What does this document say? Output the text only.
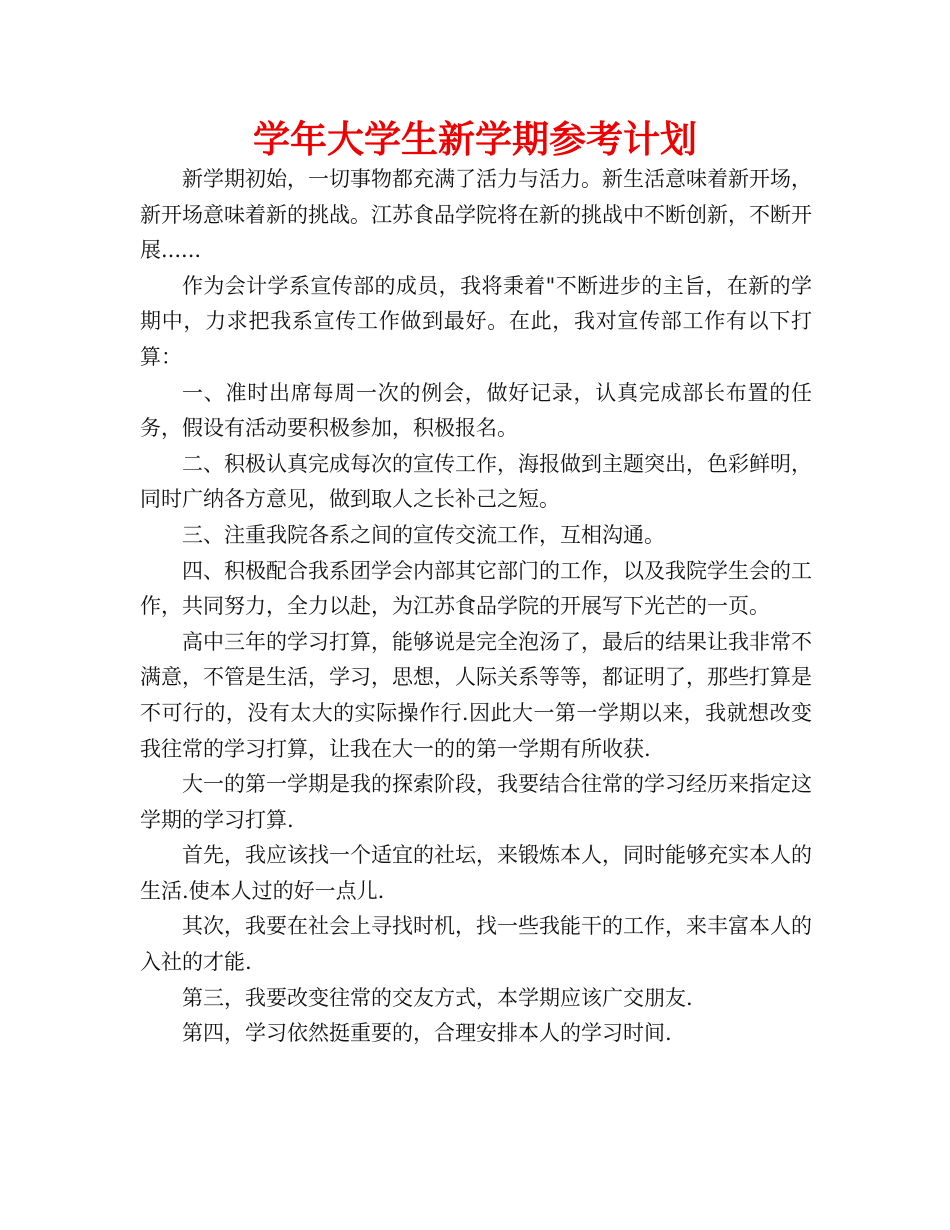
学年大学生新学期参考计划

新学期初始，一切事物都充满了活力与活力。新生活意味着新开场，新开场意味着新的挑战。江苏食品学院将在新的挑战中不断创新，不断开展......

作为会计学系宣传部的成员，我将秉着"不断进步的主旨，在新的学期中，力求把我系宣传工作做到最好。在此，我对宣传部工作有以下打算：

一、准时出席每周一次的例会，做好记录，认真完成部长布置的任务，假设有活动要积极参加，积极报名。

二、积极认真完成每次的宣传工作，海报做到主题突出，色彩鲜明，同时广纳各方意见，做到取人之长补己之短。

三、注重我院各系之间的宣传交流工作，互相沟通。

四、积极配合我系团学会内部其它部门的工作，以及我院学生会的工作，共同努力，全力以赴，为江苏食品学院的开展写下光芒的一页。

高中三年的学习打算，能够说是完全泡汤了，最后的结果让我非常不满意，不管是生活，学习，思想，人际关系等等，都证明了，那些打算是不可行的，没有太大的实际操作行.因此大一第一学期以来，我就想改变我往常的学习打算，让我在大一的的第一学期有所收获.

大一的第一学期是我的探索阶段，我要结合往常的学习经历来指定这学期的学习打算.

首先，我应该找一个适宜的社坛，来锻炼本人，同时能够充实本人的生活.使本人过的好一点儿.

其次，我要在社会上寻找时机，找一些我能干的工作，来丰富本人的入社的才能.

第三，我要改变往常的交友方式，本学期应该广交朋友.

第四，学习依然挺重要的，合理安排本人的学习时间.
